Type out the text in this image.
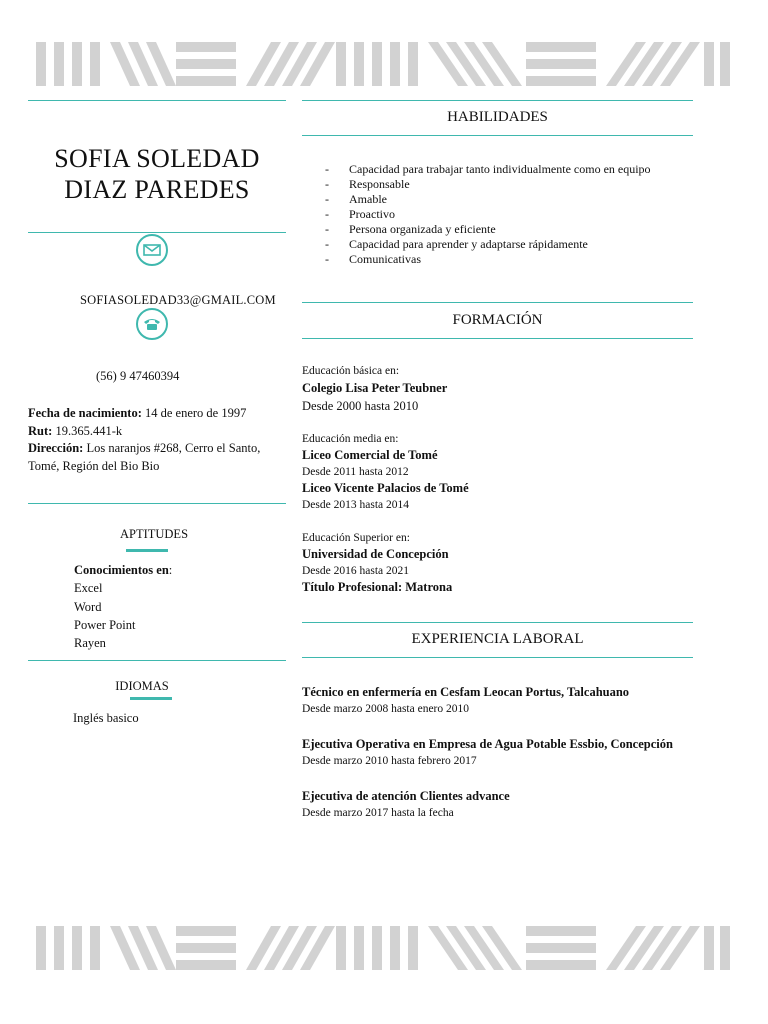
SOFIA SOLEDAD
DIAZ PAREDES
SOFIASOLEDAD33@GMAIL.COM
(56) 9 47460394
Fecha de nacimiento: 14 de enero de 1997
Rut: 19.365.441-k
Dirección: Los naranjos #268, Cerro el Santo,
Tomé, Región del Bio Bio
APTITUDES
Conocimientos en:
Excel
Word
Power Point
Rayen
IDIOMAS
Inglés basico
HABILIDADES
- Capacidad para trabajar tanto individualmente como en equipo
- Responsable
- Amable
- Proactivo
- Persona organizada y eficiente
- Capacidad para aprender y adaptarse rápidamente
- Comunicativas
FORMACIÓN
Educación básica en:
Colegio Lisa Peter Teubner
Desde 2000 hasta 2010
Educación media en:
Liceo Comercial de Tomé
Desde 2011 hasta 2012
Liceo Vicente Palacios de Tomé
Desde 2013 hasta 2014
Educación Superior en:
Universidad de Concepción
Desde 2016 hasta 2021
Título Profesional: Matrona
EXPERIENCIA LABORAL
Técnico en enfermería en Cesfam Leocan Portus, Talcahuano
Desde marzo 2008 hasta enero 2010
Ejecutiva Operativa en Empresa de Agua Potable Essbio, Concepción
Desde marzo 2010 hasta febrero 2017
Ejecutiva de atención Clientes advance
Desde marzo 2017 hasta la fecha
